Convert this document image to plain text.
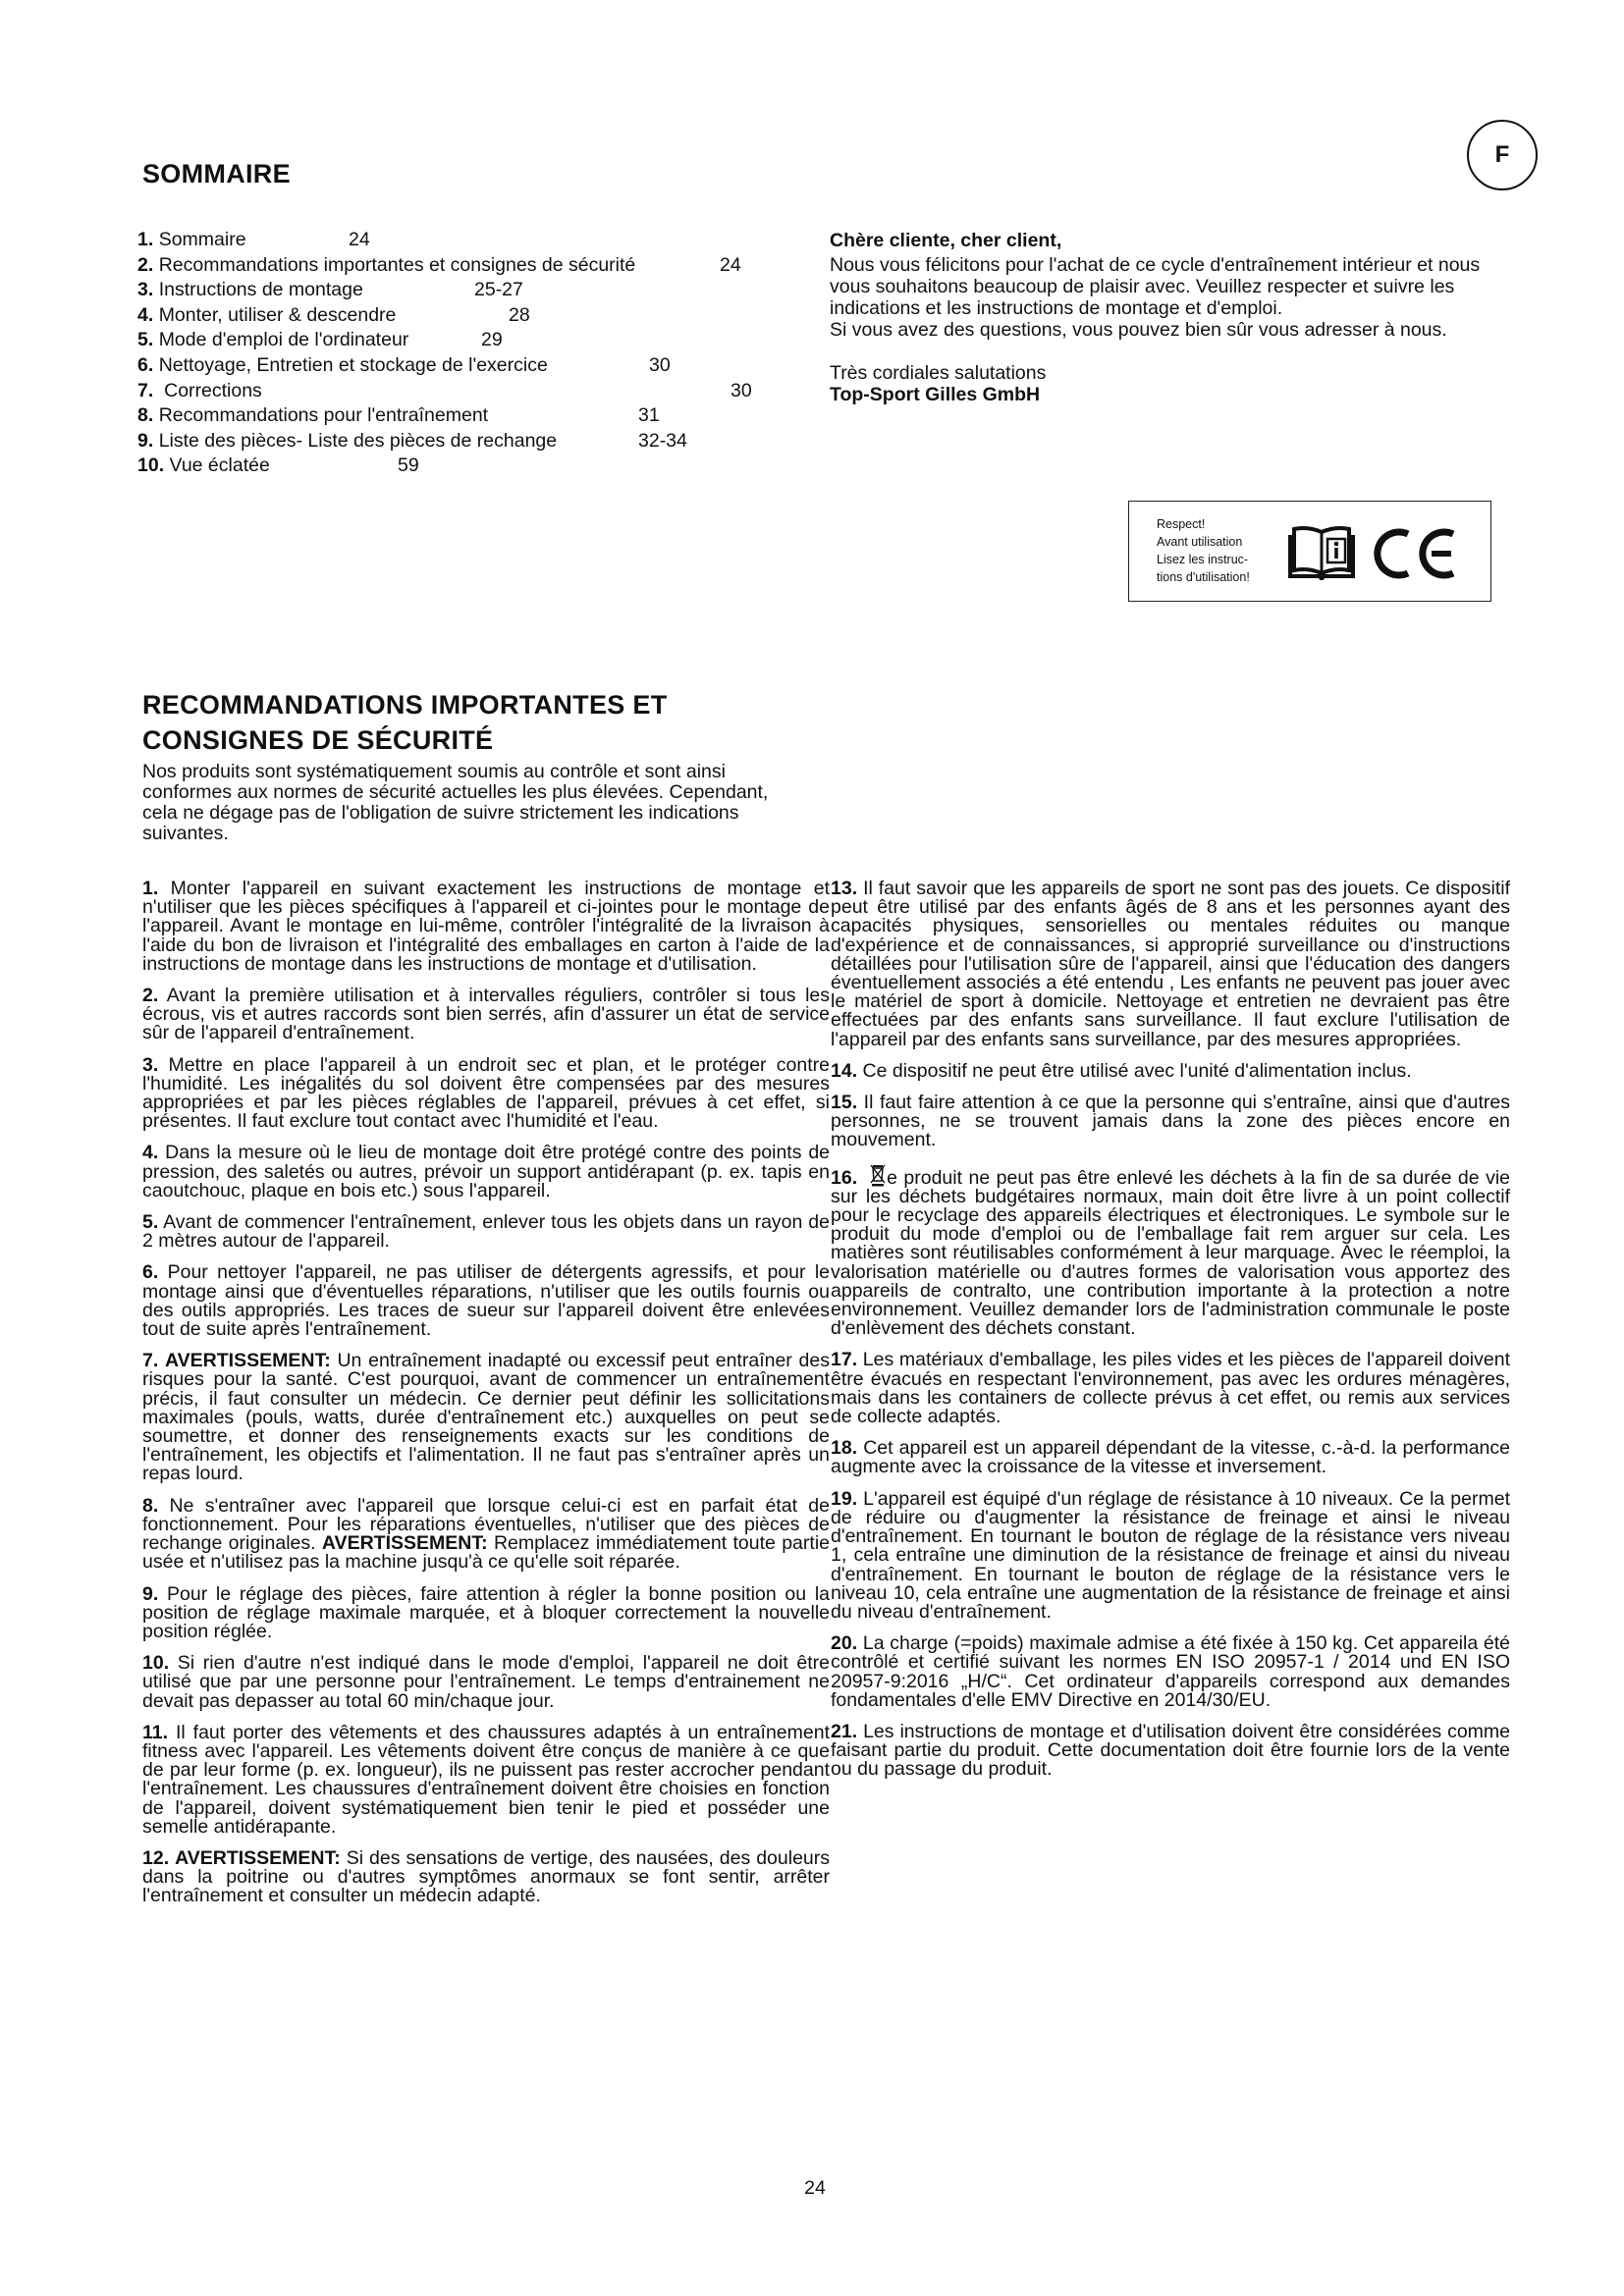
F
SOMMAIRE
1. Sommaire	24
2. Recommandations importantes et consignes de sécurité	24
3. Instructions de montage	25-27
4. Monter, utiliser & descendre	28
5. Mode d'emploi de l'ordinateur	29
6. Nettoyage, Entretien et stockage de l'exercice	30
7. Corrections	30
8. Recommandations pour l'entraînement	31
9. Liste des pièces- Liste des pièces de rechange	32-34
10. Vue éclatée	59

Chère cliente, cher client,

Nous vous félicitons pour l'achat de ce cycle d'entraînement intérieur et nous vous souhaitons beaucoup de plaisir avec. Veuillez respecter et suivre les indications et les instructions de montage et d'emploi.

Si vous avez des questions, vous pouvez bien sûr vous adresser à nous.

Très cordiales salutations

Top-Sport Gilles GmbH

Respect!
Avant utilisation
Lisez les instruc-
tions d'utilisation!
RECOMMANDATIONS IMPORTANTES ET
CONSIGNES DE SÉCURITÉ
Nos produits sont systématiquement soumis au contrôle et sont ainsi conformes aux normes de sécurité actuelles les plus élevées. Cependant, cela ne dégage pas de l'obligation de suivre strictement les indications suivantes.

1. Monter l'appareil en suivant exactement les instructions de montage et n'utiliser que les pièces spécifiques à l'appareil et ci-jointes pour le montage de l'appareil. Avant le montage en lui-même, contrôler l'intégralité de la livraison à l'aide du bon de livraison et l'intégralité des emballages en carton à l'aide de la instructions de montage dans les instructions de montage et d'utilisation.

2. Avant la première utilisation et à intervalles réguliers, contrôler si tous les écrous, vis et autres raccords sont bien serrés, afin d'assurer un état de service sûr de l'appareil d'entraînement.

3. Mettre en place l'appareil à un endroit sec et plan, et le protéger contre l'humidité. Les inégalités du sol doivent être compensées par des mesures appropriées et par les pièces réglables de l'appareil, prévues à cet effet, si présentes. Il faut exclure tout contact avec l'humidité et l'eau.

4. Dans la mesure où le lieu de montage doit être protégé contre des points de pression, des saletés ou autres, prévoir un support antidérapant (p. ex. tapis en caoutchouc, plaque en bois etc.) sous l'appareil.

5. Avant de commencer l'entraînement, enlever tous les objets dans un rayon de 2 mètres autour de l'appareil.

6. Pour nettoyer l'appareil, ne pas utiliser de détergents agressifs, et pour le montage ainsi que d'éventuelles réparations, n'utiliser que les outils fournis ou des outils appropriés. Les traces de sueur sur l'appareil doivent être enlevées tout de suite après l'entraînement.

7. AVERTISSEMENT: Un entraînement inadapté ou excessif peut entraîner des risques pour la santé. C'est pourquoi, avant de commencer un entraînement précis, il faut consulter un médecin. Ce dernier peut définir les sollicitations maximales (pouls, watts, durée d'entraînement etc.) auxquelles on peut se soumettre, et donner des renseignements exacts sur les conditions de l'entraînement, les objectifs et l'alimentation. Il ne faut pas s'entraîner après un repas lourd.

8. Ne s'entraîner avec l'appareil que lorsque celui-ci est en parfait état de fonctionnement. Pour les réparations éventuelles, n'utiliser que des pièces de rechange originales. AVERTISSEMENT: Remplacez immédiatement toute partie usée et n'utilisez pas la machine jusqu'à ce qu'elle soit réparée.

9. Pour le réglage des pièces, faire attention à régler la bonne position ou la position de réglage maximale marquée, et à bloquer correctement la nouvelle position réglée.

10. Si rien d'autre n'est indiqué dans le mode d'emploi, l'appareil ne doit être utilisé que par une personne pour l'entraînement. Le temps d'entrainement ne devait pas depasser au total 60 min/chaque jour.

11. Il faut porter des vêtements et des chaussures adaptés à un entraînement fitness avec l'appareil. Les vêtements doivent être conçus de manière à ce que de par leur forme (p. ex. longueur), ils ne puissent pas rester accrocher pendant l'entraînement. Les chaussures d'entraînement doivent être choisies en fonction de l'appareil, doivent systématiquement bien tenir le pied et posséder une semelle antidérapante.

12. AVERTISSEMENT: Si des sensations de vertige, des nausées, des douleurs dans la poitrine ou d'autres symptômes anormaux se font sentir, arrêter l'entraînement et consulter un médecin adapté.

13. Il faut savoir que les appareils de sport ne sont pas des jouets. Ce dispositif peut être utilisé par des enfants âgés de 8 ans et les personnes ayant des capacités physiques, sensorielles ou mentales réduites ou manque d'expérience et de connaissances, si approprié surveillance ou d'instructions détaillées pour l'utilisation sûre de l'appareil, ainsi que l'éducation des dangers éventuellement associés a été entendu , Les enfants ne peuvent pas jouer avec le matériel de sport à domicile. Nettoyage et entretien ne devraient pas être effectuées par des enfants sans surveillance. Il faut exclure l'utilisation de l'appareil par des enfants sans surveillance, par des mesures appropriées.

14. Ce dispositif ne peut être utilisé avec l'unité d'alimentation inclus.

15. Il faut faire attention à ce que la personne qui s'entraîne, ainsi que d'autres personnes, ne se trouvent jamais dans la zone des pièces encore en mouvement.

16. e produit ne peut pas être enlevé les déchets à la fin de sa durée de vie sur les déchets budgétaires normaux, main doit être livre à un point collectif pour le recyclage des appareils électriques et électroniques. Le symbole sur le produit du mode d'emploi ou de l'emballage fait rem arguer sur cela. Les matières sont réutilisables conformément à leur marquage. Avec le réemploi, la valorisation matérielle ou d'autres formes de valorisation vous apportez des appareils de contralto, une contribution importante à la protection a notre environnement. Veuillez demander lors de l'administration communale le poste d'enlèvement des déchets constant.

17. Les matériaux d'emballage, les piles vides et les pièces de l'appareil doivent être évacués en respectant l'environnement, pas avec les ordures ménagères, mais dans les containers de collecte prévus à cet effet, ou remis aux services de collecte adaptés.

18. Cet appareil est un appareil dépendant de la vitesse, c.-à-d. la performance augmente avec la croissance de la vitesse et inversement.

19. L'appareil est équipé d'un réglage de résistance à 10 niveaux. Ce la permet de réduire ou d'augmenter la résistance de freinage et ainsi le niveau d'entraînement. En tournant le bouton de réglage de la résistance vers niveau 1, cela entraîne une diminution de la résistance de freinage et ainsi du niveau d'entraînement. En tournant le bouton de réglage de la résistance vers le niveau 10, cela entraîne une augmentation de la résistance de freinage et ainsi du niveau d'entraînement.

20. La charge (=poids) maximale admise a été fixée à 150 kg. Cet appareila été contrôlé et certifié suivant les normes EN ISO 20957-1 / 2014 und EN ISO 20957-9:2016 „H/C“. Cet ordinateur d'appareils correspond aux demandes fondamentales d'elle EMV Directive en 2014/30/EU.

21. Les instructions de montage et d'utilisation doivent être considérées comme faisant partie du produit. Cette documentation doit être fournie lors de la vente ou du passage du produit.

24
